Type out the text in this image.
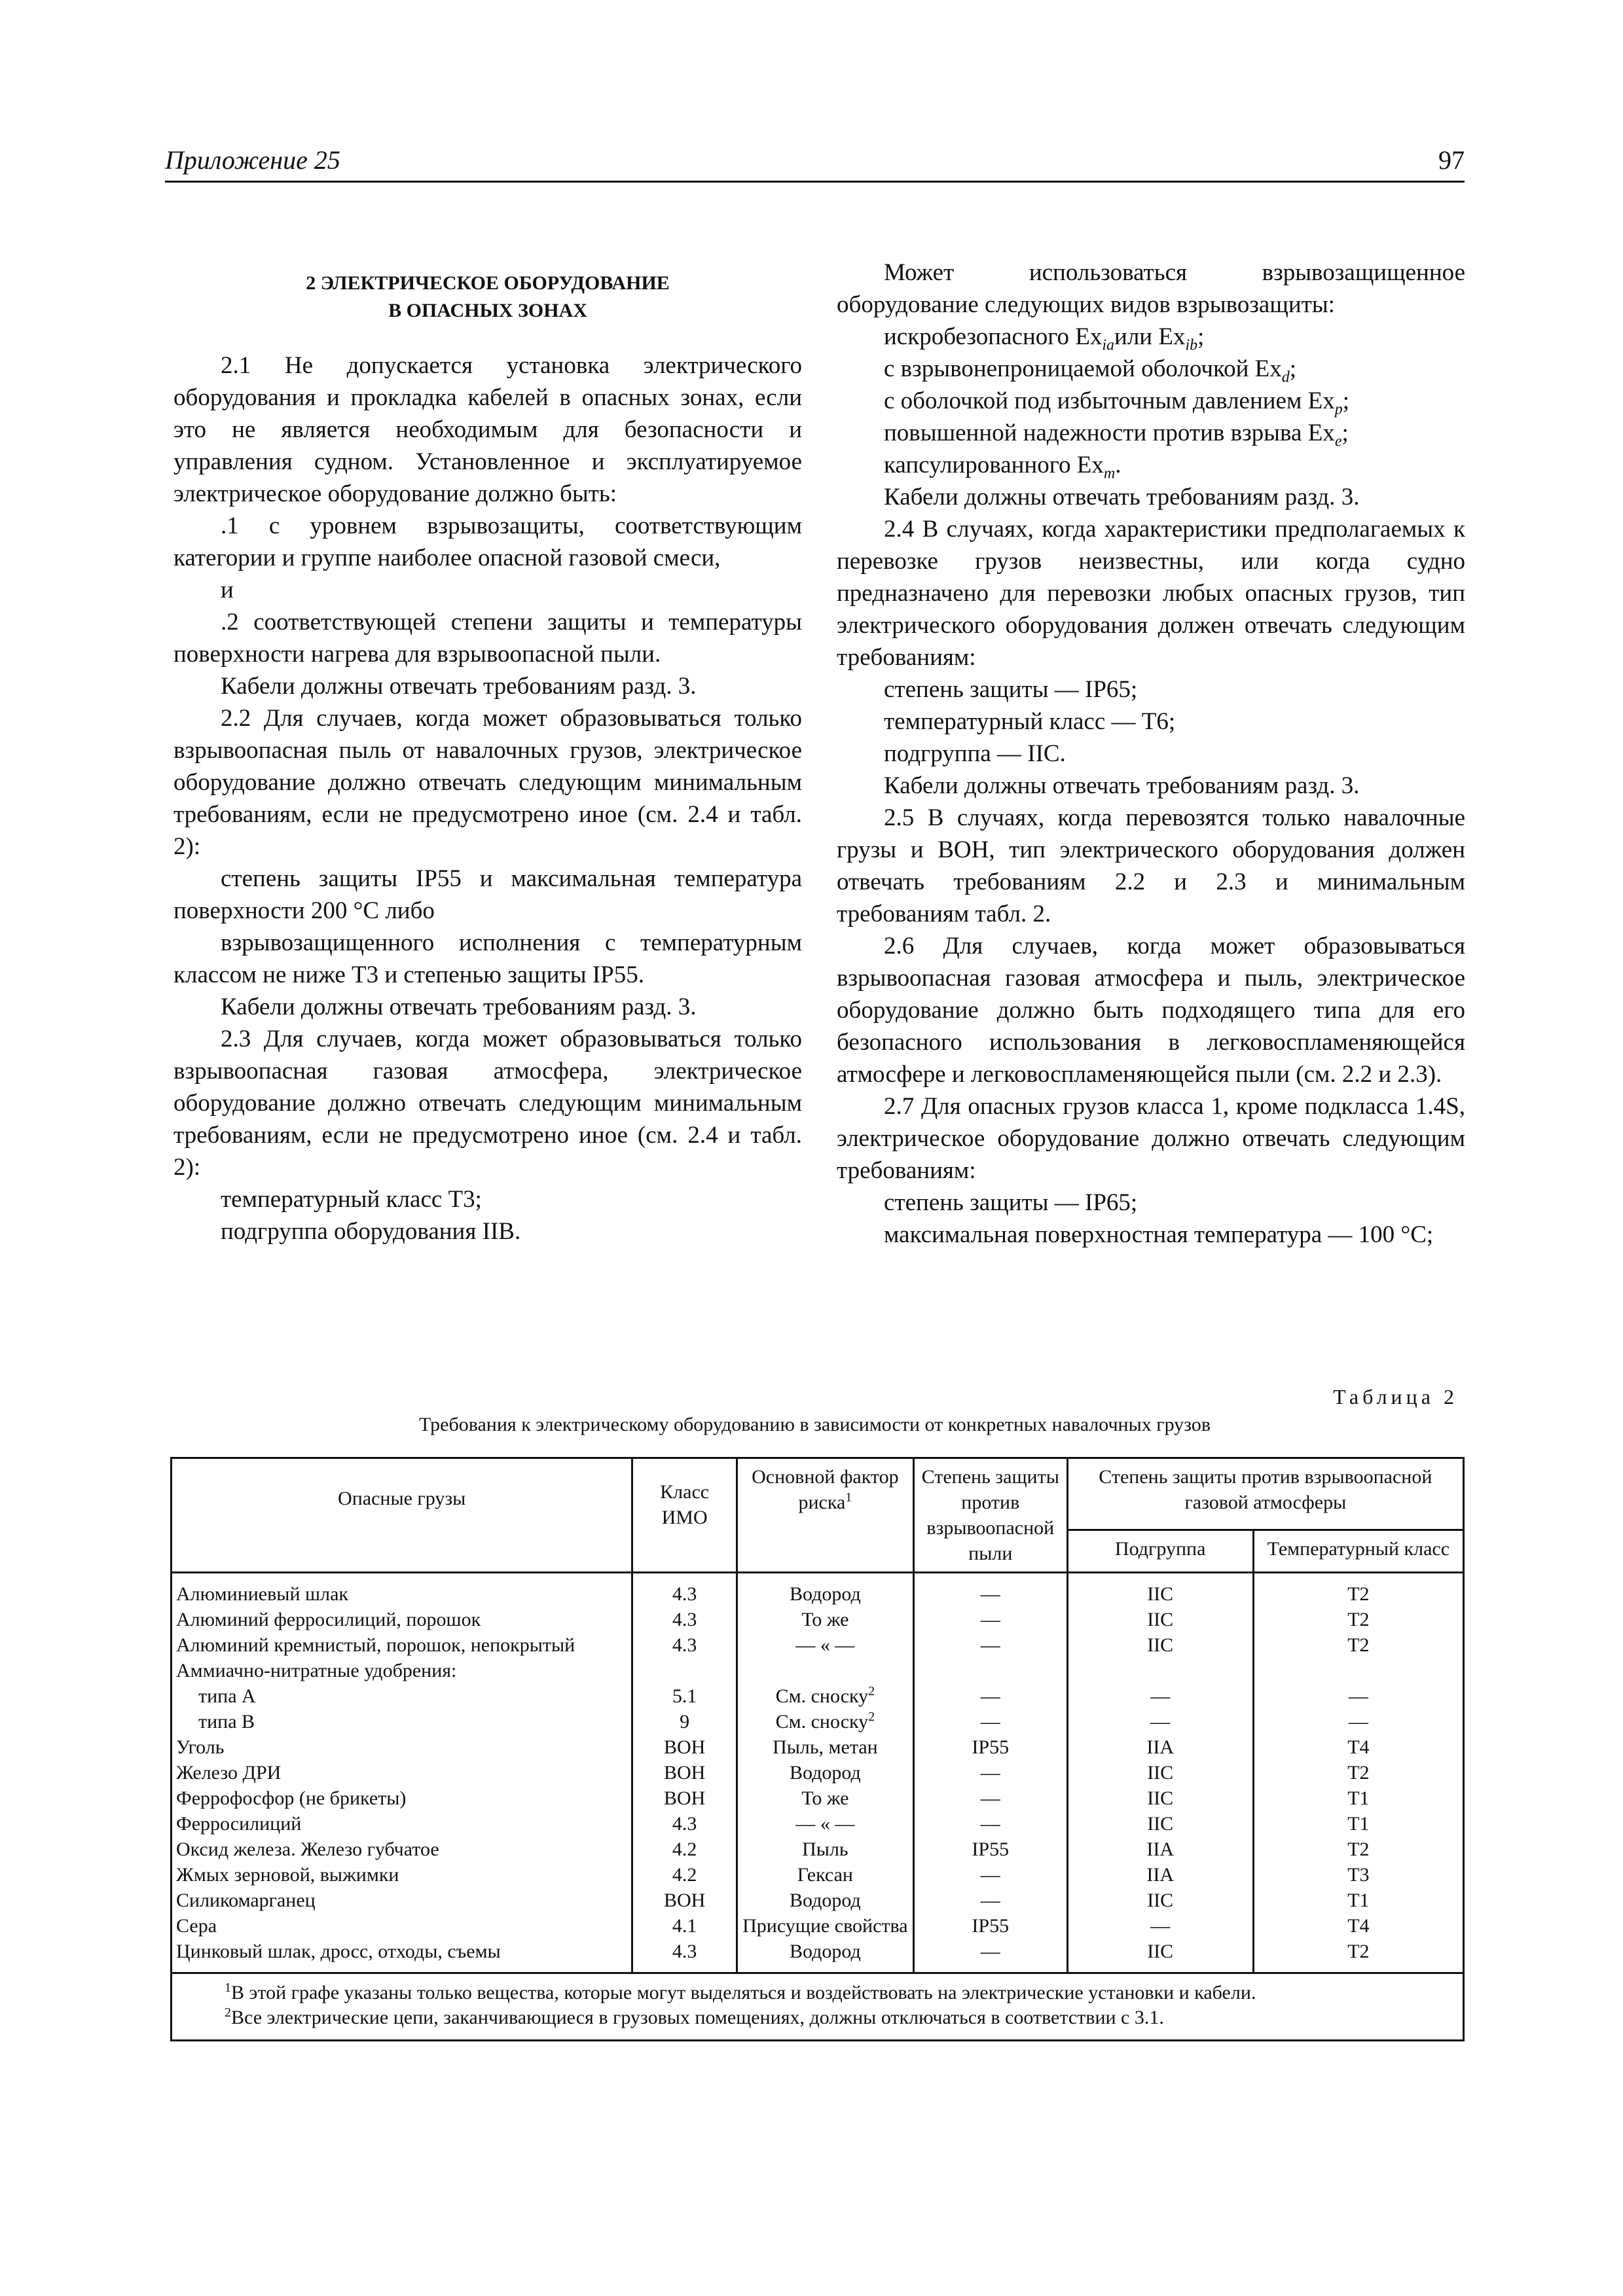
Приложение 25	97
2 ЭЛЕКТРИЧЕСКОЕ ОБОРУДОВАНИЕ
В ОПАСНЫХ ЗОНАХ

2.1 Не допускается установка электрического оборудования и прокладка кабелей в опасных зонах, если это не является необходимым для безопасности и управления судном. Установленное и эксплуатируемое электрическое оборудование должно быть:

.1 с уровнем взрывозащиты, соответствующим категории и группе наиболее опасной газовой смеси,

и

.2 соответствующей степени защиты и температуры поверхности нагрева для взрывоопасной пыли.

Кабели должны отвечать требованиям разд. 3.

2.2 Для случаев, когда может образовываться только взрывоопасная пыль от навалочных грузов, электрическое оборудование должно отвечать следующим минимальным требованиям, если не предусмотрено иное (см. 2.4 и табл. 2):

степень защиты IP55 и максимальная температура поверхности 200 °С либо

взрывозащищенного исполнения с температурным классом не ниже Т3 и степенью защиты IP55.

Кабели должны отвечать требованиям разд. 3.

2.3 Для случаев, когда может образовываться только взрывоопасная газовая атмосфера, электрическое оборудование должно отвечать следующим минимальным требованиям, если не предусмотрено иное (см. 2.4 и табл. 2):

температурный класс Т3;

подгруппа оборудования IIB.

Может использоваться взрывозащищенное оборудование следующих видов взрывозащиты:

искробезопасного $Ex_{ia}или$ $Ex_{ib}$;

с взрывонепроницаемой оболочкой $Ex_d$;

с оболочкой под избыточным давлением $Ex_p$;

повышенной надежности против взрыва $Ex_e$;

капсулированного $Ex_m$.

Кабели должны отвечать требованиям разд. 3.

2.4 В случаях, когда характеристики предполагаемых к перевозке грузов неизвестны, или когда судно предназначено для перевозки любых опасных грузов, тип электрического оборудования должен отвечать следующим требованиям:

степень защиты — IP65;

температурный класс — Т6;

подгруппа — IIС.

Кабели должны отвечать требованиям разд. 3.

2.5 В случаях, когда перевозятся только навалочные грузы и ВОН, тип электрического оборудования должен отвечать требованиям 2.2 и 2.3 и минимальным требованиям табл. 2.

2.6 Для случаев, когда может образовываться взрывоопасная газовая атмосфера и пыль, электрическое оборудование должно быть подходящего типа для его безопасного использования в легковоспламеняющейся атмосфере и легковоспламеняющейся пыли (см. 2.2 и 2.3).

2.7 Для опасных грузов класса 1, кроме подкласса 1.4S, электрическое оборудование должно отвечать следующим требованиям:

степень защиты — IP65;

максимальная поверхностная температура — 100 °С;

Таблица 2
Требования к электрическому оборудованию в зависимости от конкретных навалочных грузов
Опасные грузы	Класс ИМО	Основной фактор риска$^1$	Степень защиты против взрывоопасной пыли	Степень защиты против взрывоопасной газовой атмосферы	
				Подгруппа	Температурный класс
Алюминиевый шлак	4.3	Водород	—	IIС	Т2
Алюминий ферросилиций, порошок	4.3	То же	—	IIС	Т2
Алюминий кремнистый, порошок, непокрытый	4.3	— « —	—	IIС	Т2
Аммиачно-нитратные удобрения:					
типа А	5.1	См. сноску$^2$	—	—	—
типа В	9	См. сноску$^2$	—	—	—
Уголь	ВОН	Пыль, метан	IP55	IIА	Т4
Железо ДРИ	ВОН	Водород	—	IIС	Т2
Феррофосфор (не брикеты)	ВОН	То же	—	IIС	Т1
Ферросилиций	4.3	— « —	—	IIС	Т1
Оксид железа. Железо губчатое	4.2	Пыль	IP55	IIА	Т2
Жмых зерновой, выжимки	4.2	Гексан	—	IIА	Т3
Силикомарганец	ВОН	Водород	—	IIС	Т1
Сера	4.1	Присущие свойства	IP55	—	Т4
Цинковый шлак, дросс, отходы, съемы	4.3	Водород	—	IIС	Т2

$^1$В этой графе указаны только вещества, которые могут выделяться и воздействовать на электрические установки и кабели.
$^2$Все электрические цепи, заканчивающиеся в грузовых помещениях, должны отключаться в соответствии с 3.1.					
